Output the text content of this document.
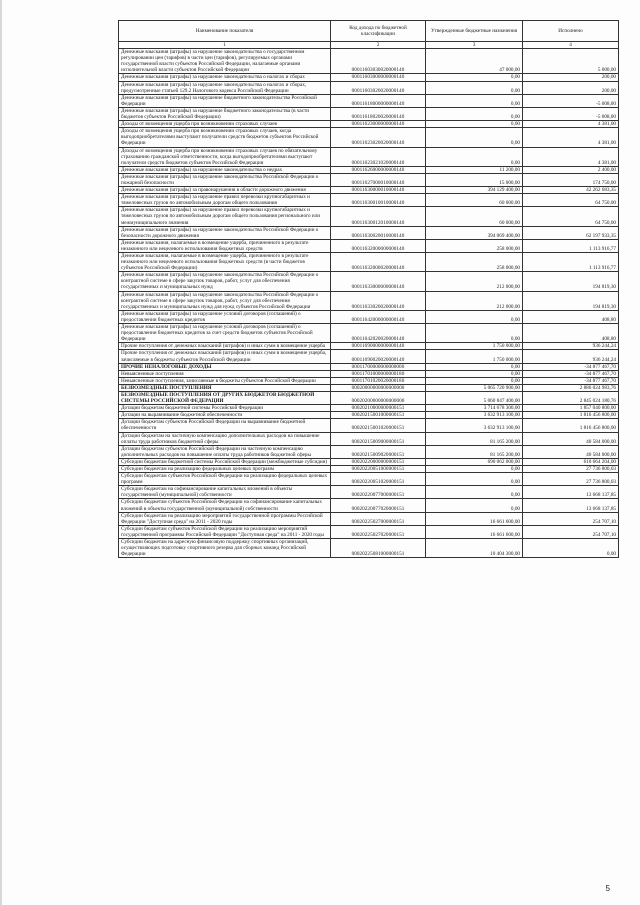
Наименование показателя	Код дохода по бюджетной классификации	Утвержденные бюджетные назначения	Исполнено
1	2	3	4
Денежные взыскания (штрафы) за нарушение законодательства о государственном регулировании цен (тарифов) в части цен (тарифов), регулируемых органами государственной власти субъектов Российской Федерации, налагаемые органами исполнительной власти субъектов Российской Федерации	00011603030020000140	47 000,00	5 000,00
Денежные взыскания (штрафы) за нарушение законодательства о налогах и сборах	00011603000000000140	0,00	200,00
Денежные взыскания (штрафы) за нарушение законодательства о налогах и сборах, предусмотренные статьей 129.2 Налогового кодекса Российской Федерации	00011603020020000140	0,00	200,00
Денежные взыскания (штрафы) за нарушение бюджетного законодательства Российской Федерации	00011618000000000140	0,00	-5 008,00
Денежные взыскания (штрафы) за нарушение бюджетного законодательства (в части бюджетов субъектов Российской Федерации)	00011618020020000140	0,00	-5 008,00
Доходы от возмещения ущерба при возникновении страховых случаев	00011623000000000140	0,00	4 381,00
Доходы от возмещения ущерба при возникновении страховых случаев, когда выгодоприобретателями выступают получатели средств бюджетов субъектов Российской Федерации	00011623020020000140	0,00	4 381,00
Доходы от возмещения ущерба при возникновении страховых случаев по обязательному страхованию гражданской ответственности, когда выгодоприобретателями выступают получатели средств бюджетов субъектов Российской Федерации	00011623021020000140	0,00	4 381,00
Денежные взыскания (штрафы) за нарушение законодательства о недрах	00011626000000000140	11 200,00	2 400,00
Денежные взыскания (штрафы) за нарушение законодательства Российской Федерации о пожарной безопасности	00011627000010000140	15 000,00	174 750,00
Денежные взыскания (штрафы) за правонарушения в области дорожного движения	00011630000010000140	394 129 400,00	42 262 683,35
Денежные взыскания (штрафы) за нарушение правил перевозки крупногабаритных и тяжеловесных грузов по автомобильным дорогам общего пользования	00011630010010000140	60 000,00	64 750,00
Денежные взыскания (штрафы) за нарушение правил перевозки крупногабаритных и тяжеловесных грузов по автомобильным дорогам общего пользования регионального или межмуниципального значения	00011630012010000140	60 000,00	64 750,00
Денежные взыскания (штрафы) за нарушение законодательства Российской Федерации о безопасности дорожного движения	00011630020010000140	394 069 400,00	62 197 933,35
Денежные взыскания, налагаемые в возмещение ущерба, причиненного в результате незаконного или нецелевого использования бюджетных средств	00011632000000000140	258 000,00	1 113 916,77
Денежные взыскания, налагаемые в возмещение ущерба, причиненного в результате незаконного или нецелевого использования бюджетных средств (в части бюджетов субъектов Российской Федерации)	00011632000020000140	258 000,00	1 113 916,77
Денежные взыскания (штрафы) за нарушение законодательства Российской Федерации о контрактной системе в сфере закупок товаров, работ, услуг для обеспечения государственных и муниципальных нужд	00011633000000000140	212 000,00	194 819,30
Денежные взыскания (штрафы) за нарушение законодательства Российской Федерации о контрактной системе в сфере закупок товаров, работ, услуг для обеспечения государственных и муниципальных нужд для нужд субъектов Российской Федерации	00011633020020000140	212 000,00	194 819,30
Денежные взыскания (штрафы) за нарушение условий договоров (соглашений) о предоставлении бюджетных кредитов	00011642000000000140	0,00	408,80
Денежные взыскания (штрафы) за нарушение условий договоров (соглашений) о предоставлении бюджетных кредитов за счет средств бюджетов субъектов Российской Федерации	00011642020020000140	0,00	408,80
Прочие поступления от денежных взысканий (штрафов) и иных сумм в возмещение ущерба	00011690000000000140	1 750 000,00	936 244,24
Прочие поступления от денежных взысканий (штрафов) и иных сумм в возмещение ущерба, зачисляемые в бюджеты субъектов Российской Федерации	00011690020020000140	1 750 000,00	936 244,24
ПРОЧИЕ НЕНАЛОГОВЫЕ ДОХОДЫ	00011700000000000000	0,00	-34 877 467,70
Невыясненные поступления	00011701000000000180	0,00	-34 877 467,70
Невыясненные поступления, зачисляемые в бюджеты субъектов Российской Федерации	00011701020020000180	0,00	-34 877 467,70
БЕЗВОЗМЕЗДНЫЕ ПОСТУПЛЕНИЯ	00020000000000000000	5 065 720 900,00	2 886 024 983,76
БЕЗВОЗМЕЗДНЫЕ ПОСТУПЛЕНИЯ ОТ ДРУГИХ БЮДЖЕТОВ БЮДЖЕТНОЙ СИСТЕМЫ РОССИЙСКОЙ ФЕДЕРАЦИИ	00020200000000000000	5 060 847 400,00	2 845 024 180,76
Дотации бюджетам бюджетной системы Российской Федерации	00020210000000000151	3 714 678 300,00	1 857 040 800,00
Дотации на выравнивание бюджетной обеспеченности	00020215001000000151	3 632 913 100,00	1 816 456 800,00
Дотации бюджетам субъектов Российской Федерации на выравнивание бюджетной обеспеченности	00020215001020000151	3 632 913 100,00	1 816 456 800,00
Дотации бюджетам на частичную компенсацию дополнительных расходов на повышение оплаты труда работников бюджетной сферы	00020215009000000151	81 165 200,00	40 584 000,00
Дотации бюджетам субъектов Российской Федерации на частичную компенсацию дополнительных расходов на повышение оплаты труда работников бюджетной сферы	00020215009020000151	81 165 200,00	40 584 000,00
Субсидии бюджетам бюджетной системы Российской Федерации (межбюджетные субсидии)	00020220000000000151	690 062 000,00	610 664 204,00
Субсидии бюджетам на реализацию федеральных целевых программ	00020220051000000151	0,00	27 736 800,03
Субсидии бюджетам субъектов Российской Федерации на реализацию федеральных целевых программ	00020220051020000151	0,00	27 736 800,03
Субсидии бюджетам на софинансирование капитальных вложений в объекты государственной (муниципальной) собственности	00020220077000000151	0,00	13 668 137,85
Субсидии бюджетам субъектов Российской Федерации на софинансирование капитальных вложений в объекты государственной (муниципальной) собственности	00020220077020000151	0,00	13 668 137,85
Субсидии бюджетам на реализацию мероприятий государственной программы Российской Федерации "Доступная среда" на 2011 - 2020 годы	00020225027000000151	16 661 600,00	254 707,10
Субсидии бюджетам субъектов Российской Федерации на реализацию мероприятий государственной программы Российской Федерации "Доступная среда" на 2011 - 2020 годы	00020225027020000151	16 661 600,00	254 707,10
Субсидии бюджетам на адресную финансовую поддержку спортивных организаций, осуществляющих подготовку спортивного резерва для сборных команд Российской Федерации	00020225081000000151	10 404 300,00	0,00
5
